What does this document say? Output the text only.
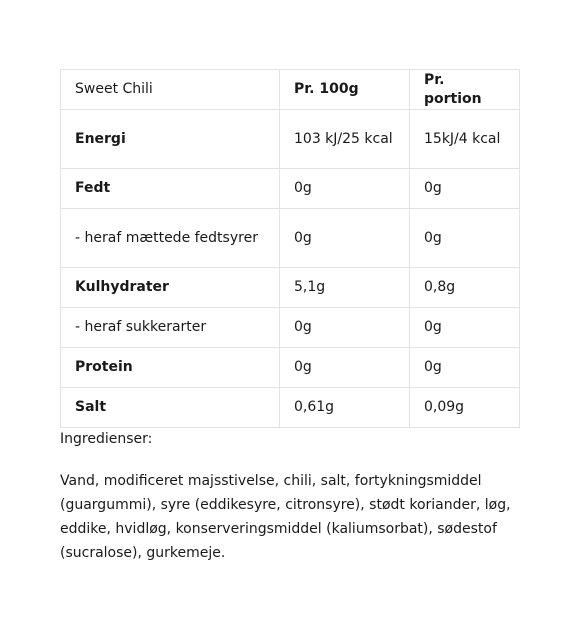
Sweet Chili	Pr. 100g	Pr. portion
Energi	103 kJ/25 kcal	15kJ/4 kcal
Fedt	0g	0g
- heraf mættede fedtsyrer	0g	0g
Kulhydrater	5,1g	0,8g
- heraf sukkerarter	0g	0g
Protein	0g	0g
Salt	0,61g	0,09g

Ingredienser:

Vand, modificeret majsstivelse, chili, salt, fortykningsmiddel (guargummi), syre (eddikesyre, citronsyre), stødt koriander, løg, eddike, hvidløg, konserveringsmiddel (kaliumsorbat), sødestof (sucralose), gurkemeje.
